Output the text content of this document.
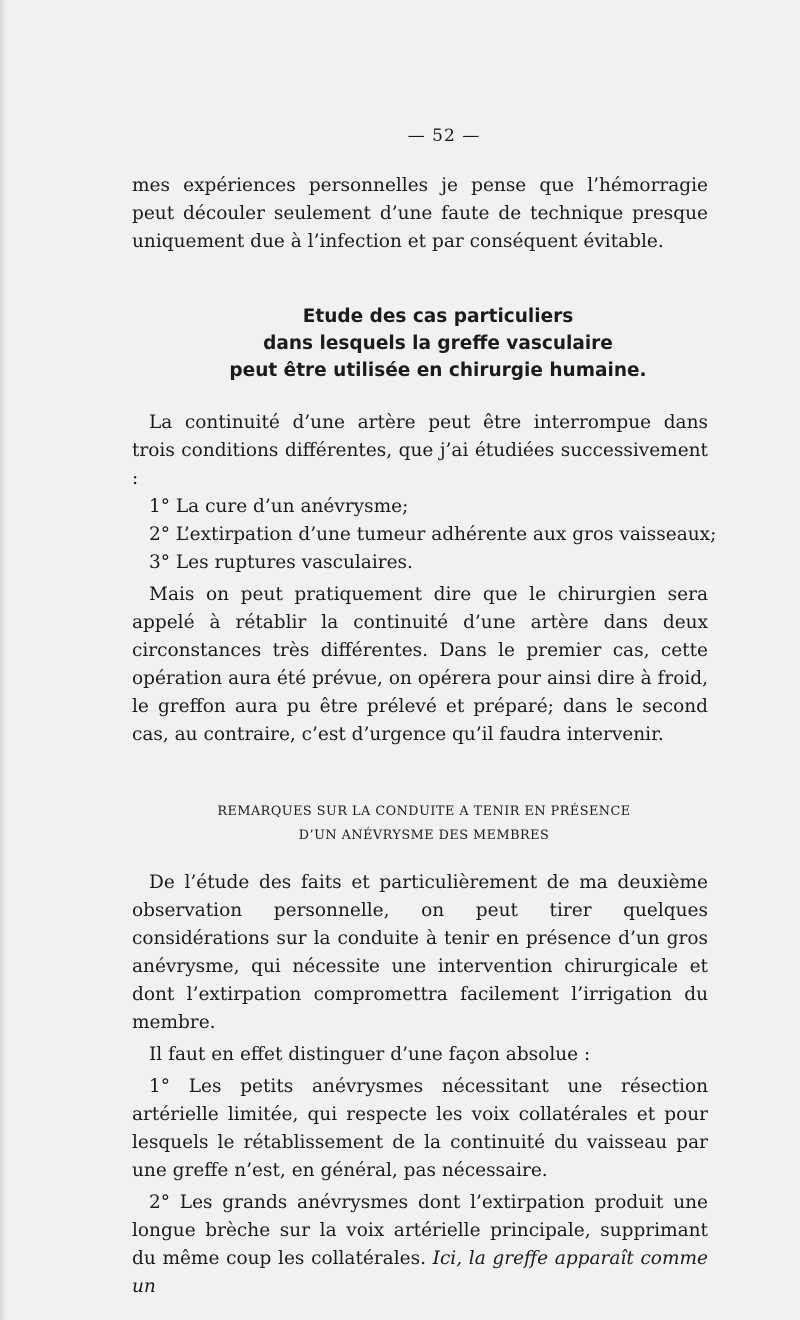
— 52 —

mes expériences personnelles je pense que l’hémorragie peut découler seulement d’une faute de technique presque uniquement due à l’infection et par conséquent évitable.

Etude des cas particuliers
dans lesquels la greffe vasculaire
peut être utilisée en chirurgie humaine.

La continuité d’une artère peut être interrompue dans trois conditions différentes, que j’ai étudiées successivement :

1° La cure d’un anévrysme;
2° L’extirpation d’une tumeur adhérente aux gros vaisseaux;
3° Les ruptures vasculaires.

Mais on peut pratiquement dire que le chirurgien sera appelé à rétablir la continuité d’une artère dans deux circonstances très différentes. Dans le premier cas, cette opération aura été prévue, on opérera pour ainsi dire à froid, le greffon aura pu être prélevé et préparé; dans le second cas, au contraire, c’est d’urgence qu’il faudra intervenir.

REMARQUES SUR LA CONDUITE A TENIR EN PRÉSENCE
D’UN ANÉVRYSME DES MEMBRES

De l’étude des faits et particulièrement de ma deuxième observation personnelle, on peut tirer quelques considérations sur la conduite à tenir en présence d’un gros anévrysme, qui nécessite une intervention chirurgicale et dont l’extirpation compromettra facilement l’irrigation du membre.

Il faut en effet distinguer d’une façon absolue :

1° Les petits anévrysmes nécessitant une résection artérielle limitée, qui respecte les voix collatérales et pour lesquels le rétablissement de la continuité du vaisseau par une greffe n’est, en général, pas nécessaire.

2° Les grands anévrysmes dont l’extirpation produit une longue brèche sur la voix artérielle principale, supprimant du même coup les collatérales. Ici, la greffe apparaît comme un
